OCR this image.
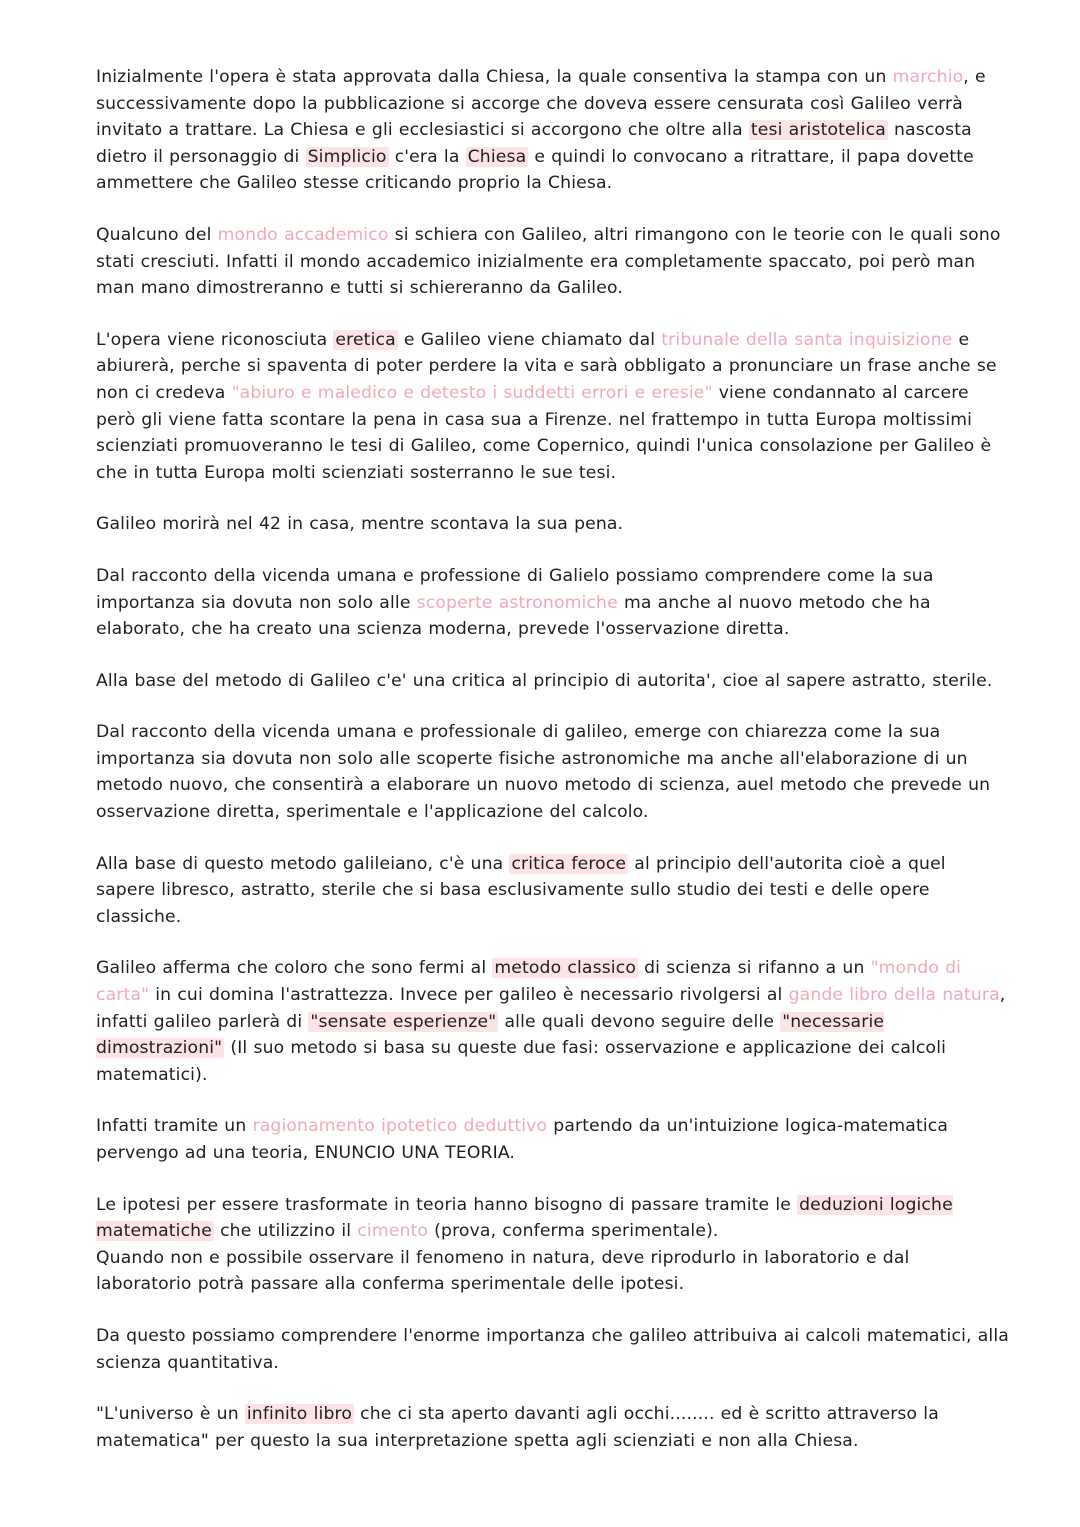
Inizialmente l'opera è stata approvata dalla Chiesa, la quale consentiva la stampa con un marchio, e successivamente dopo la pubblicazione si accorge che doveva essere censurata così Galileo verrà invitato a trattare. La Chiesa e gli ecclesiastici si accorgono che oltre alla tesi aristotelica nascosta dietro il personaggio di Simplicio c'era la Chiesa e quindi lo convocano a ritrattare, il papa dovette ammettere che Galileo stesse criticando proprio la Chiesa.

Qualcuno del mondo accademico si schiera con Galileo, altri rimangono con le teorie con le quali sono stati cresciuti. Infatti il mondo accademico inizialmente era completamente spaccato, poi però man man mano dimostreranno e tutti si schiereranno da Galileo.

L'opera viene riconosciuta eretica e Galileo viene chiamato dal tribunale della santa inquisizione e abiurerà, perche si spaventa di poter perdere la vita e sarà obbligato a pronunciare un frase anche se non ci credeva "abiuro e maledico e detesto i suddetti errori e eresie" viene condannato al carcere però gli viene fatta scontare la pena in casa sua a Firenze. nel frattempo in tutta Europa moltissimi scienziati promuoveranno le tesi di Galileo, come Copernico, quindi l'unica consolazione per Galileo è che in tutta Europa molti scienziati sosterranno le sue tesi.

Galileo morirà nel 42 in casa, mentre scontava la sua pena.

Dal racconto della vicenda umana e professione di Galielo possiamo comprendere come la sua importanza sia dovuta non solo alle scoperte astronomiche ma anche al nuovo metodo che ha elaborato, che ha creato una scienza moderna, prevede l'osservazione diretta.

Alla base del metodo di Galileo c'e' una critica al principio di autorita', cioe al sapere astratto, sterile.

Dal racconto della vicenda umana e professionale di galileo, emerge con chiarezza come la sua importanza sia dovuta non solo alle scoperte fisiche astronomiche ma anche all'elaborazione di un metodo nuovo, che consentirà a elaborare un nuovo metodo di scienza, auel metodo che prevede un osservazione diretta, sperimentale e l'applicazione del calcolo.

Alla base di questo metodo galileiano, c'è una critica feroce al principio dell'autorita cioè a quel sapere libresco, astratto, sterile che si basa esclusivamente sullo studio dei testi e delle opere classiche.

Galileo afferma che coloro che sono fermi al metodo classico di scienza si rifanno a un "mondo di carta" in cui domina l'astrattezza. Invece per galileo è necessario rivolgersi al gande libro della natura, infatti galileo parlerà di "sensate esperienze" alle quali devono seguire delle "necessarie dimostrazioni" (Il suo metodo si basa su queste due fasi: osservazione e applicazione dei calcoli matematici).

Infatti tramite un ragionamento ipotetico deduttivo partendo da un'intuizione logica-matematica pervengo ad una teoria, ENUNCIO UNA TEORIA.

Le ipotesi per essere trasformate in teoria hanno bisogno di passare tramite le deduzioni logiche matematiche che utilizzino il cimento (prova, conferma sperimentale).
Quando non e possibile osservare il fenomeno in natura, deve riprodurlo in laboratorio e dal laboratorio potrà passare alla conferma sperimentale delle ipotesi.

Da questo possiamo comprendere l'enorme importanza che galileo attribuiva ai calcoli matematici, alla scienza quantitativa.

"L'universo è un infinito libro che ci sta aperto davanti agli occhi........ ed è scritto attraverso la matematica" per questo la sua interpretazione spetta agli scienziati e non alla Chiesa.
